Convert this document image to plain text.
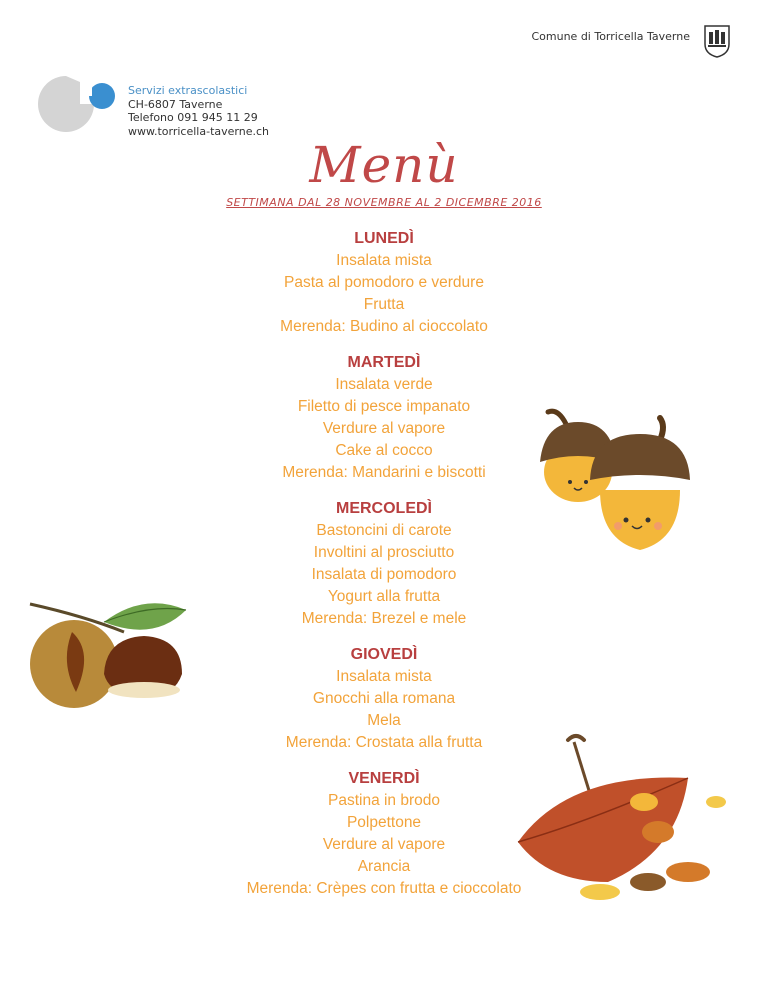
Comune di Torricella Taverne
Servizi extrascolastici
CH-6807 Taverne
Telefono 091 945 11 29
www.torricella-taverne.ch
Menù
SETTIMANA DAL 28 NOVEMBRE AL 2 DICEMBRE 2016
LUNEDÌ
Insalata mista
Pasta al pomodoro e verdure
Frutta
Merenda: Budino al cioccolato
MARTEDÌ
Insalata verde
Filetto di pesce impanato
Verdure al vapore
Cake al cocco
Merenda: Mandarini e biscotti
MERCOLEDÌ
Bastoncini di carote
Involtini al prosciutto
Insalata di pomodoro
Yogurt alla frutta
Merenda: Brezel e mele
GIOVEDÌ
Insalata mista
Gnocchi alla romana
Mela
Merenda: Crostata alla frutta
VENERDÌ
Pastina in brodo
Polpettone
Verdure al vapore
Arancia
Merenda: Crèpes con frutta e cioccolato
